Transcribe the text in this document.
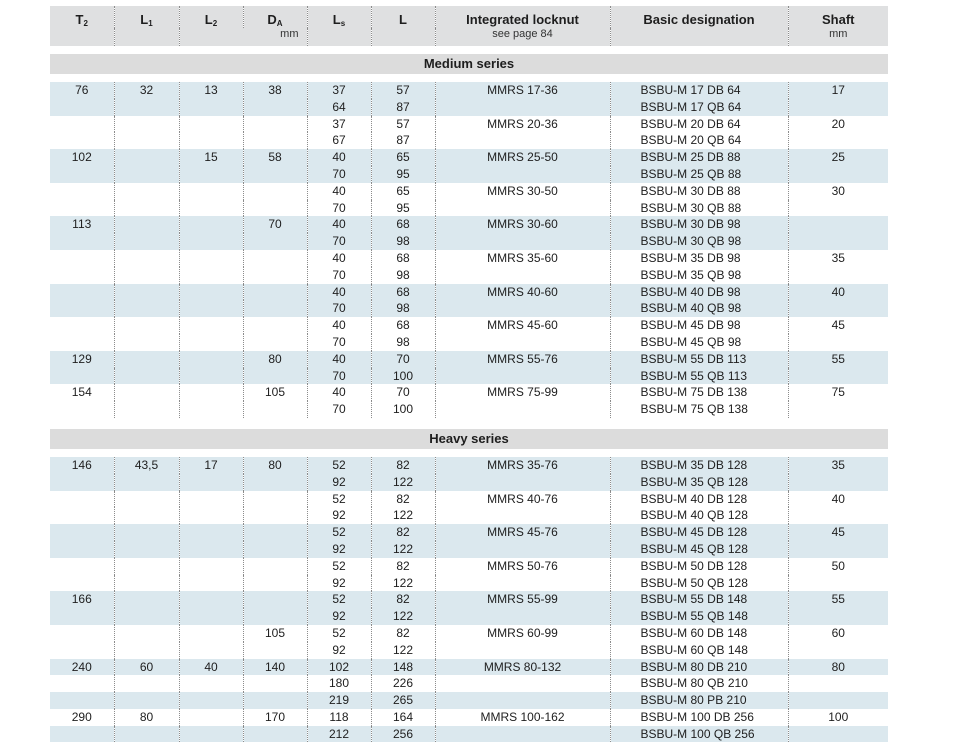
$T_2$	$L_1$	$L_2$	$D_A$	$L_s$	L	Integrated locknut	Basic designation	Shaft
		mm				see page 84		mm

Medium series								

76	32	13	38	37	57	MMRS 17-36	BSBU-M 17 DB 64	17
				64	87		BSBU-M 17 QB 64	
				37	57	MMRS 20-36	BSBU-M 20 DB 64	20
				67	87		BSBU-M 20 QB 64	
102		15	58	40	65	MMRS 25-50	BSBU-M 25 DB 88	25
				70	95		BSBU-M 25 QB 88	
				40	65	MMRS 30-50	BSBU-M 30 DB 88	30
				70	95		BSBU-M 30 QB 88	
113			70	40	68	MMRS 30-60	BSBU-M 30 DB 98	
				70	98		BSBU-M 30 QB 98	
				40	68	MMRS 35-60	BSBU-M 35 DB 98	35
				70	98		BSBU-M 35 QB 98	
				40	68	MMRS 40-60	BSBU-M 40 DB 98	40
				70	98		BSBU-M 40 QB 98	
				40	68	MMRS 45-60	BSBU-M 45 DB 98	45
				70	98		BSBU-M 45 QB 98	
129			80	40	70	MMRS 55-76	BSBU-M 55 DB 113	55
				70	100		BSBU-M 55 QB 113	
154			105	40	70	MMRS 75-99	BSBU-M 75 DB 138	75
				70	100		BSBU-M 75 QB 138	

Heavy series								

146	43,5	17	80	52	82	MMRS 35-76	BSBU-M 35 DB 128	35
				92	122		BSBU-M 35 QB 128	
				52	82	MMRS 40-76	BSBU-M 40 DB 128	40
				92	122		BSBU-M 40 QB 128	
				52	82	MMRS 45-76	BSBU-M 45 DB 128	45
				92	122		BSBU-M 45 QB 128	
				52	82	MMRS 50-76	BSBU-M 50 DB 128	50
				92	122		BSBU-M 50 QB 128	
166				52	82	MMRS 55-99	BSBU-M 55 DB 148	55
				92	122		BSBU-M 55 QB 148	
			105	52	82	MMRS 60-99	BSBU-M 60 DB 148	60
				92	122		BSBU-M 60 QB 148	
240	60	40	140	102	148	MMRS 80-132	BSBU-M 80 DB 210	80
				180	226		BSBU-M 80 QB 210	
				219	265		BSBU-M 80 PB 210	
290	80		170	118	164	MMRS 100-162	BSBU-M 100 DB 256	100
				212	256		BSBU-M 100 QB 256	
